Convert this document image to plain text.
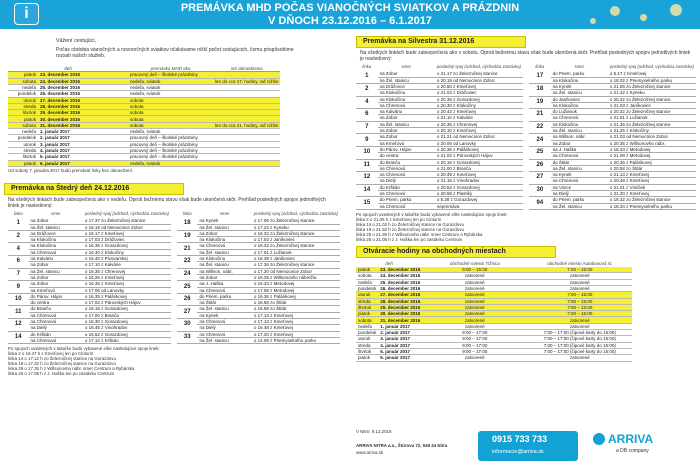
i	PREMÁVKA MHD POČAS VIANOČNÝCH SVIATKOV A PRÁZDNIN
V DŇOCH 23.12.2016 – 6.1.2017
Vážení cestujúci,
Počas obdobia vianočných a novoročných sviatkov očakávame nižší počet cestujúcich, čomu prispôsobíme rozsah našich služieb.
deň		premávka MHD ako	iné obmedzenia
piatok	23. december 2016	pracovný deň – školské prázdniny	
sobota	24. december 2016	nedeľa, sviatok	len do cca 17. hodiny, viď nižšie
nedeľa	25. december 2016	nedeľa, sviatok	
pondelok	26. december 2016	nedeľa, sviatok	
utorok	27. december 2016	sobota	
streda	28. december 2016	sobota	
štvrtok	29. december 2016	sobota	
piatok	30. december 2016	sobota	
sobota	31. december 2016	sobota	len do cca 21. hodiny, viď nižšie
nedeľa	1. január 2017	nedeľa, sviatok	
pondelok	2. január 2017	pracovný deň – školské prázdniny	
utorok	3. január 2017	pracovný deň – školské prázdniny	
streda	4. január 2017	pracovný deň – školské prázdniny	
štvrtok	5. január 2017	pracovný deň – školské prázdniny	
piatok	6. január 2017	nedeľa, sviatok	
Od soboty 7. januára 2017 budú premávať linky bez obmedzení.
Premávka na Štedrý deň 24.12.2016
Na všetkých linkách bude zabezpečená ako v nedeľu. Oproti bežnému stavu však bude ukončená skôr. Prehľad posledných spojov jednotlivých liniek je nasledovný:
linka	smer	posledný spoj (odchod, východzia zastávka)
1	na Zobor	o 17.37 zo Železničnej stanice
	na Žel. stanicu	o 16.19 od Nemocnice Zobor
2	na Drážovce	o 16.17 z Kmeťovej
	na Klokočinu	o 17.03 z Drážoviec
4	na Klokočinu	o 16.35 z Gorazdovej
	na Chrenovú	o 16.30 z Klokočiny
6	na Kalváriu	o 16.40 z Pivovarskej
	na Zobor	o 17.10 z Kalvárie
7	na Žel. stanicu	o 16.35 z Chrenovej
	na Zobor	o 16.25 z Kmeťovej
9	na Zobor	o 16.35 z Kmeťovej
	na Kmeťovú	o 17.06 od Lanovky
10	do Párov. Hájov	o 16.35 z Palárikovej
	do centra	o 17.02 z Párovských Hájov
11	do Branču	o 16.18 z Gorazdovej
	na Chrenovú	o 17.00 z Branča
12	na Chrenovú	o 16.30 z Gorazdovej
	na Dielý	o 16.45 z Vinohradov
14	do Krškán	o 16.52 z Gorazdovej
	na Chrenovú	o 17.12 z Krškán
linka	smer	posledný spoj (odchod, východzia zastávka)
18	na Kynek	o 17.06 zo Železničnej stanice
	na Žel. stanicu	o 17.22 z Kyneku
19	na Zobor	o 16.32 zo Železničnej stanice
	na Klokočinu	o 17.03 z Janíkoviec
21	na Chrenovú	o 16.32 zo Železničnej stanice
	na Žel. stanicu	o 17.01 z Lužianok
22	na Klokočinu	o 16.39 z Janíkoviec
	na Žel. stanicu	o 17.36 zo Železničnej stanice
24	na Willson. nábr.	o 17.20 od Nemocnice Zobor
	na Zobor	o 16.35 z Willsonovho nábrežia
25	na J. Haška	o 16.33 z Metodovej
	na Chrenovú	o 17.08 z Metodovej
26	do Priem. parku	o 16.36 z Palárikovej
	na Štitár	o 16.58 zo Štitár
27	na Žel. stanicu	o 16.58 zo Štitár
	na Kynek	o 17.13 z Kmeťovej
30	na Chrenovú	o 17.13 z Kmeťovej
	na Dielý	o 16.48 z Kmeťovej
33	na Chrenovú	o 17.20 z Kmeťovej
	na Žel. stanicu	o 14.08 z Priemyselného parku
Po spojoch uvedených v tabuľke budú vybavené ešte nasledujúce spoje linek:
linka 2 o 16.47 h z Kmeťovej len po Cintorín
linka 14 o 17.12 h zo Železničnej stanice na Gorazdovu
linka 19 o 17.32 h zo Železničnej stanice na Gorazdovu
linka 25 o 17.35 h z Willsonovho nábr. smer Centrum a Rybárska
linka 26 o 17.05 h z J. Haška len po zastávku Centrum
Premávka na Silvestra 31.12.2016
Na všetkých linkách bude zabezpečená ako v sobotu. Oproti bežnému stavu však bude ukončená skôr. Prehľad posledných spojov jednotlivých liniek je nasledovný:
linka	smer	posledný spoj (odchod, východzia zastávka)
1	na Zobor	o 21.17 zo Železničnej stanice
	na Žel. stanicu	o 20.19 od Nemocnice Zobor
2	na Drážovce	o 20.50 z Kmeťovej
	na Klokočinu	o 21.03 z Drážoviec
4	na Klokočinu	o 20.35 z Gorazdovej
	na Chrenovú	o 20.30 z Klokočiny
6	na Kalváriu	o 20.42 z Kmeťovej
	na Zobor	o 21.10 z Kalvárie
7	na Žel. stanicu	o 20.35 z Chrenovej
	na Zobor	o 20.10 z Kmeťovej
9	na Zobor	o 21.21 od Nemocnice Zobor
	na Kmeťovú	o 20.06 od Lanovky
10	do Párov. Hájov	o 20.35 z Palárikovej
	do centra	o 21.02 z Párovských Hájov
11	do Branču	o 20.18 z Gorazdovej
	na Chrenovú	o 21.00 z Branča
12	na Chrenovú	o 20.49 z Kmeťovej
	na Dielý	o 21.16 z Vinohradov
14	do Krškán	o 20.52 z Gorazdovej
	na Chrenovú	o 20.58 z Plastiky
15	do Priem. parku	o 5.28 z Gorazdovej
	na Chrenovú	nepremáva
linka	smer	posledný spoj (odchod, východzia zastávka)
17	do Priem. parku	o 5.17 z Kmeťovej
	na Klokočinu	o 18.02 z Priemyselného parku
18	na Kynek	o 21.06 zo Železničnej stanice
	na Žel. stanicu	o 21.22 z Kyneku
19	do Janíkoviec	o 20.32 zo Železničnej stanice
	na Klokočinu	o 21.03 z Janíkoviec
21	do Lužianok	o 20.32 zo Železničnej stanice
	na Chrenovú	o 21.01 z Lužianok
22	na Klokočinu	o 21.36 zo Železničnej stanice
	na Žel. stanicu	o 21.25 z Klokočiny
24	na Willson. nábr.	o 21.03 od Nemocnice Zobor
	na Zobor	o 20.35 z Willsonovho nábr.
25	na J. Haška	o 16.33 z Metodovej
	na Chrenovú	o 21.08 z Metodovej
26	do Štitár	o 20.36 z Palárikovej
	na Žel. stanicu	o 20.58 zo Štitár
27	na Kynek	o 21.13 z Kmeťovej
	na Chrenovú	o 20.48 z Kmeťovej
30	na Vinice	o 21.01 z Viničiek
	na Dielý	o 21.20 z Kmeťovej
94	do Priem. parku	o 18.32 zo Železničnej stanice
	na Žel. stanicu	o 18.34 z Priemyselného parku
Po spojoch uvedených v tabuľke budú vybavené ešte nasledujúce spoje linek:
linka 2 o 21.05 h z Kmeťovej len po Cintorín
linka 14 o 21.02 h zo Železničnej stanice na Gorazdovu
linka 19 o 21.32 h zo Železničnej stanice na Gorazdovu
linka 25 o 21.35 h z Willsonovho nábr. smer Centrum a Rybárska
linka 26 o 21.05 h z J. Haška len po zastávku Centrum
Otváracie hodiny na obchodných miestach
deň		obchodné miesto Tržnica	obchodné miesto Autobusová st.
piatok	23. december 2016	9:00 – 15:00	7:00 – 15:00
sobota	24. december 2016	zatvorené	zatvorené
nedeľa	25. december 2016	zatvorené	zatvorené
pondelok	26. december 2016	zatvorené	zatvorené
utorok	27. december 2016	zatvorené	7:00 – 15:00
streda	28. december 2016	zatvorené	7:00 – 15:00
štvrtok	29. december 2016	zatvorené	7:00 – 15:00
piatok	30. december 2016	zatvorené	7:00 – 15:00
sobota	31. december 2016	zatvorené	zatvorené
nedeľa	1. január 2017	zatvorené	zatvorené
pondelok	2. január 2017	9:00 – 17:00	7:00 – 17:00 (čipové karty do 15:00)
utorok	3. január 2017	9:00 – 17:00	7:00 – 17:00 (čipové karty do 15:00)
streda	4. január 2017	9:00 – 17:00	7:00 – 17:00 (čipové karty do 15:00)
štvrtok	5. január 2017	9:00 – 17:00	7:00 – 17:00 (čipové karty do 15:00)
piatok	6. január 2017	zatvorené	zatvorené
V Nitre: 9.12.2016
ARRIVA NITRA a.s., Štúrova 72, 949 44 Nitra
www.arriva.sk
0915 733 733
informacie@arriva.sk
ARRIVA
a DB company
